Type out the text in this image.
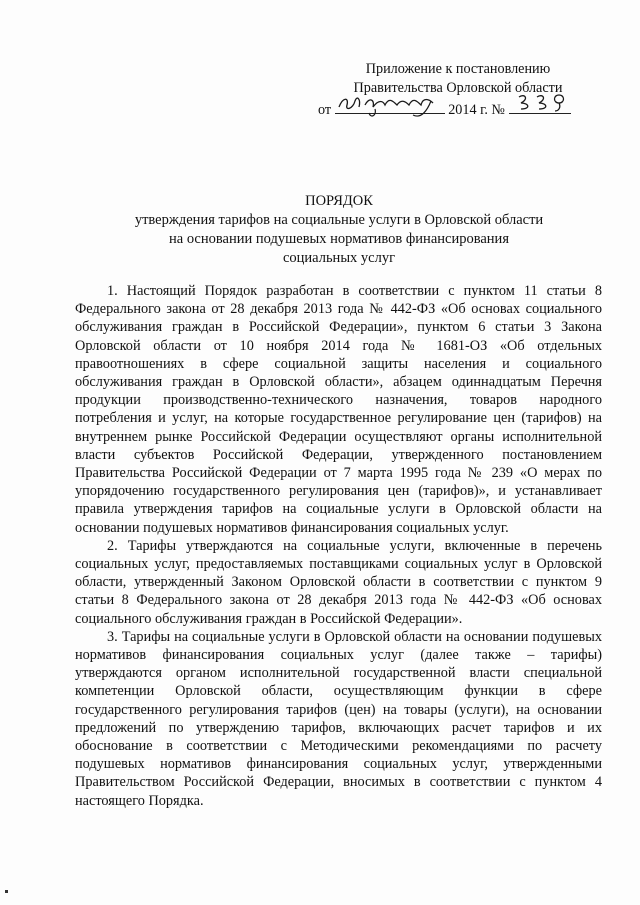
Приложение к постановлению
Правительства Орловской области
от	2014 г. №
ПОРЯДОК
утверждения тарифов на социальные услуги в Орловской области
на основании подушевых нормативов финансирования
социальных услуг

1. Настоящий Порядок разработан в соответствии с пунктом 11 статьи 8 Федерального закона от 28 декабря 2013 года № 442-ФЗ «Об основах социального обслуживания граждан в Российской Федерации», пунктом 6 статьи 3 Закона Орловской области от 10 ноября 2014 года № 1681-ОЗ «Об отдельных правоотношениях в сфере социальной защиты населения и социального обслуживания граждан в Орловской области», абзацем одиннадцатым Перечня продукции производственно-технического назначения, товаров народного потребления и услуг, на которые государственное регулирование цен (тарифов) на внутреннем рынке Российской Федерации осуществляют органы исполнительной власти субъектов Российской Федерации, утвержденного постановлением Правительства Российской Федерации от 7 марта 1995 года № 239 «О мерах по упорядочению государственного регулирования цен (тарифов)», и устанавливает правила утверждения тарифов на социальные услуги в Орловской области на основании подушевых нормативов финансирования социальных услуг.

2. Тарифы утверждаются на социальные услуги, включенные в перечень социальных услуг, предоставляемых поставщиками социальных услуг в Орловской области, утвержденный Законом Орловской области в соответствии с пунктом 9 статьи 8 Федерального закона от 28 декабря 2013 года № 442-ФЗ «Об основах социального обслуживания граждан в Российской Федерации».

3. Тарифы на социальные услуги в Орловской области на основании подушевых нормативов финансирования социальных услуг (далее также – тарифы) утверждаются органом исполнительной государственной власти специальной компетенции Орловской области, осуществляющим функции в сфере государственного регулирования тарифов (цен) на товары (услуги), на основании предложений по утверждению тарифов, включающих расчет тарифов и их обоснование в соответствии с Методическими рекомендациями по расчету подушевых нормативов финансирования социальных услуг, утвержденными Правительством Российской Федерации, вносимых в соответствии с пунктом 4 настоящего Порядка.
